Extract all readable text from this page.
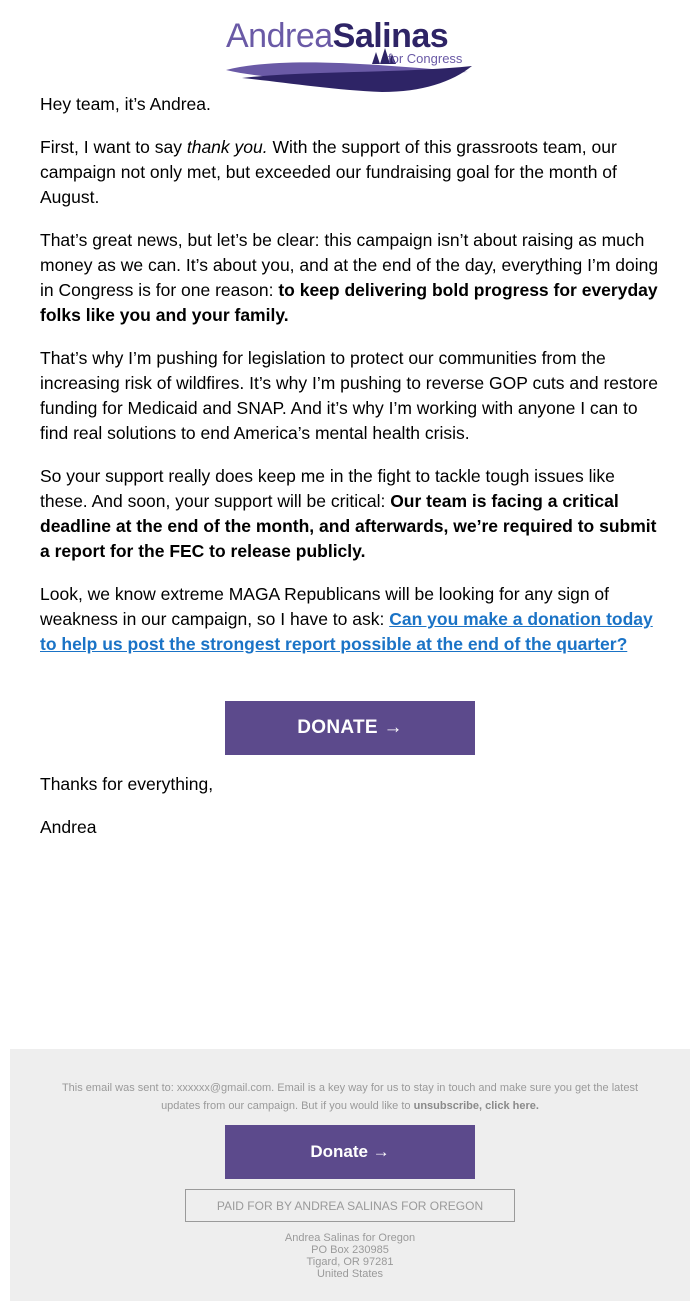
AndreaSalinas
for Congress

Hey team, it’s Andrea.

First, I want to say thank you. With the support of this grassroots team, our campaign not only met, but exceeded our fundraising goal for the month of August.

That’s great news, but let’s be clear: this campaign isn’t about raising as much money as we can. It’s about you, and at the end of the day, everything I’m doing in Congress is for one reason: to keep delivering bold progress for everyday folks like you and your family.

That’s why I’m pushing for legislation to protect our communities from the increasing risk of wildfires. It’s why I’m pushing to reverse GOP cuts and restore funding for Medicaid and SNAP. And it’s why I’m working with anyone I can to find real solutions to end America’s mental health crisis.

So your support really does keep me in the fight to tackle tough issues like these. And soon, your support will be critical: Our team is facing a critical deadline at the end of the month, and afterwards, we’re required to submit a report for the FEC to release publicly.

Look, we know extreme MAGA Republicans will be looking for any sign of weakness in our campaign, so I have to ask: Can you make a donation today to help us post the strongest report possible at the end of the quarter?

DONATE →
Thanks for everything,
Andrea
This email was sent to: xxxxxx@gmail.com. Email is a key way for us to stay in touch and make sure you get the latest updates from our campaign. But if you would like to unsubscribe, click here.
Donate →
PAID FOR BY ANDREA SALINAS FOR OREGON
Andrea Salinas for Oregon
PO Box 230985
Tigard, OR 97281
United States
